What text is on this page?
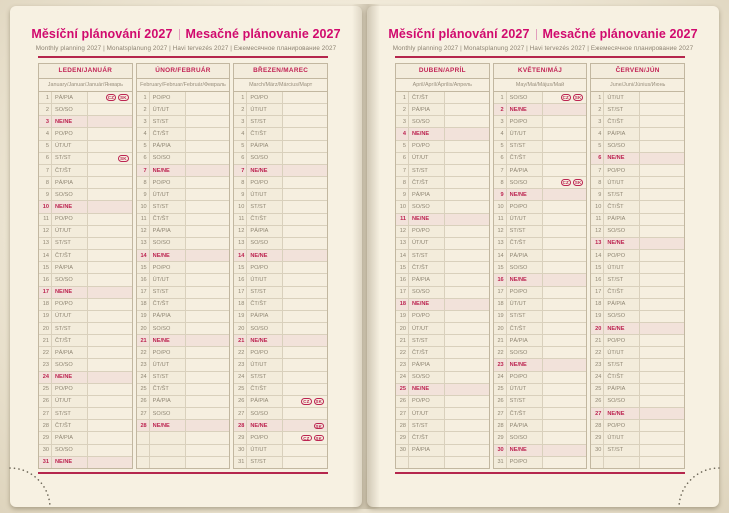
Měsíční plánování 2027 Mesačné plánovanie 2027
Monthly planning 2027 | Monatsplanung 2027 | Havi tervezés 2027 | Ежемесячное планирование 2027
LEDEN/JANUÁR
January/Januar/Január/Январь
1	PÁ/PIA	CZ	SK
2	SO/SO
3	NE/NE
4	PO/PO
5	ÚT/UT
6	ST/ST	SK
7	ČT/ŠT
8	PÁ/PIA
9	SO/SO
10	NE/NE
11	PO/PO
12	ÚT/UT
13	ST/ST
14	ČT/ŠT
15	PÁ/PIA
16	SO/SO
17	NE/NE
18	PO/PO
19	ÚT/UT
20	ST/ST
21	ČT/ŠT
22	PÁ/PIA
23	SO/SO
24	NE/NE
25	PO/PO
26	ÚT/UT
27	ST/ST
28	ČT/ŠT
29	PÁ/PIA
30	SO/SO
31	NE/NE
ÚNOR/FEBRUÁR
February/Februar/Február/Февраль
1	PO/PO
2	ÚT/UT
3	ST/ST
4	ČT/ŠT
5	PÁ/PIA
6	SO/SO
7	NE/NE
8	PO/PO
9	ÚT/UT
10	ST/ST
11	ČT/ŠT
12	PÁ/PIA
13	SO/SO
14	NE/NE
15	PO/PO
16	ÚT/UT
17	ST/ST
18	ČT/ŠT
19	PÁ/PIA
20	SO/SO
21	NE/NE
22	PO/PO
23	ÚT/UT
24	ST/ST
25	ČT/ŠT
26	PÁ/PIA
27	SO/SO
28	NE/NE
BŘEZEN/MAREC
March/März/Március/Март
1	PO/PO
2	ÚT/UT
3	ST/ST
4	ČT/ŠT
5	PÁ/PIA
6	SO/SO
7	NE/NE
8	PO/PO
9	ÚT/UT
10	ST/ST
11	ČT/ŠT
12	PÁ/PIA
13	SO/SO
14	NE/NE
15	PO/PO
16	ÚT/UT
17	ST/ST
18	ČT/ŠT
19	PÁ/PIA
20	SO/SO
21	NE/NE
22	PO/PO
23	ÚT/UT
24	ST/ST
25	ČT/ŠT
26	PÁ/PIA	CZ	SK
27	SO/SO
28	NE/NE	SK
29	PO/PO	CZ	SK
30	ÚT/UT
31	ST/ST
Měsíční plánování 2027 Mesačné plánovanie 2027
Monthly planning 2027 | Monatsplanung 2027 | Havi tervezés 2027 | Ежемесячное планирование 2027
DUBEN/APRÍL
April/Apríl/Április/Апрель
1	ČT/ŠT
2	PÁ/PIA
3	SO/SO
4	NE/NE
5	PO/PO
6	ÚT/UT
7	ST/ST
8	ČT/ŠT
9	PÁ/PIA
10	SO/SO
11	NE/NE
12	PO/PO
13	ÚT/UT
14	ST/ST
15	ČT/ŠT
16	PÁ/PIA
17	SO/SO
18	NE/NE
19	PO/PO
20	ÚT/UT
21	ST/ST
22	ČT/ŠT
23	PÁ/PIA
24	SO/SO
25	NE/NE
26	PO/PO
27	ÚT/UT
28	ST/ST
29	ČT/ŠT
30	PÁ/PIA
KVĚTEN/MÁJ
May/Mai/Május/Май
1	SO/SO	CZ	SK
2	NE/NE
3	PO/PO
4	ÚT/UT
5	ST/ST
6	ČT/ŠT
7	PÁ/PIA
8	SO/SO	CZ	SK
9	NE/NE
10	PO/PO
11	ÚT/UT
12	ST/ST
13	ČT/ŠT
14	PÁ/PIA
15	SO/SO
16	NE/NE
17	PO/PO
18	ÚT/UT
19	ST/ST
20	ČT/ŠT
21	PÁ/PIA
22	SO/SO
23	NE/NE
24	PO/PO
25	ÚT/UT
26	ST/ST
27	ČT/ŠT
28	PÁ/PIA
29	SO/SO
30	NE/NE
31	PO/PO
ČERVEN/JÚN
June/Juni/Június/Июнь
1	ÚT/UT
2	ST/ST
3	ČT/ŠT
4	PÁ/PIA
5	SO/SO
6	NE/NE
7	PO/PO
8	ÚT/UT
9	ST/ST
10	ČT/ŠT
11	PÁ/PIA
12	SO/SO
13	NE/NE
14	PO/PO
15	ÚT/UT
16	ST/ST
17	ČT/ŠT
18	PÁ/PIA
19	SO/SO
20	NE/NE
21	PO/PO
22	ÚT/UT
23	ST/ST
24	ČT/ŠT
25	PÁ/PIA
26	SO/SO
27	NE/NE
28	PO/PO
29	ÚT/UT
30	ST/ST
